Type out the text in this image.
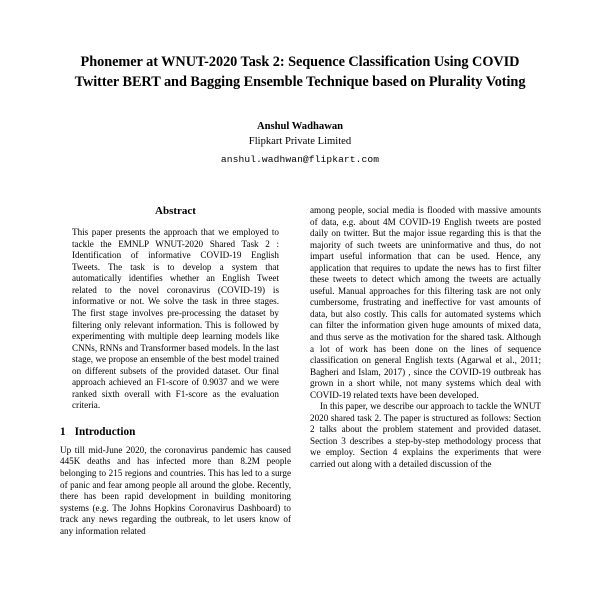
Phonemer at WNUT-2020 Task 2: Sequence Classification Using COVID Twitter BERT and Bagging Ensemble Technique based on Plurality Voting
Anshul Wadhawan
Flipkart Private Limited
anshul.wadhwan@flipkart.com
Abstract

This paper presents the approach that we employed to tackle the EMNLP WNUT-2020 Shared Task 2 : Identification of informative COVID-19 English Tweets. The task is to develop a system that automatically identifies whether an English Tweet related to the novel coronavirus (COVID-19) is informative or not. We solve the task in three stages. The first stage involves pre-processing the dataset by filtering only relevant information. This is followed by experimenting with multiple deep learning models like CNNs, RNNs and Transformer based models. In the last stage, we propose an ensemble of the best model trained on different subsets of the provided dataset. Our final approach achieved an F1-score of 0.9037 and we were ranked sixth overall with F1-score as the evaluation criteria.

1 Introduction

Up till mid-June 2020, the coronavirus pandemic has caused 445K deaths and has infected more than 8.2M people belonging to 215 regions and countries. This has led to a surge of panic and fear among people all around the globe. Recently, there has been rapid development in building monitoring systems (e.g. The Johns Hopkins Coronavirus Dashboard) to track any news regarding the outbreak, to let users know of any information related

among people, social media is flooded with massive amounts of data, e.g. about 4M COVID-19 English tweets are posted daily on twitter. But the major issue regarding this is that the majority of such tweets are uninformative and thus, do not impart useful information that can be used. Hence, any application that requires to update the news has to first filter these tweets to detect which among the tweets are actually useful. Manual approaches for this filtering task are not only cumbersome, frustrating and ineffective for vast amounts of data, but also costly. This calls for automated systems which can filter the information given huge amounts of mixed data, and thus serve as the motivation for the shared task. Although a lot of work has been done on the lines of sequence classification on general English texts (Agarwal et al., 2011; Bagheri and Islam, 2017) , since the COVID-19 outbreak has grown in a short while, not many systems which deal with COVID-19 related texts have been developed.

In this paper, we describe our approach to tackle the WNUT 2020 shared task 2. The paper is structured as follows: Section 2 talks about the problem statement and provided dataset. Section 3 describes a step-by-step methodology process that we employ. Section 4 explains the experiments that were carried out along with a detailed discussion of the
